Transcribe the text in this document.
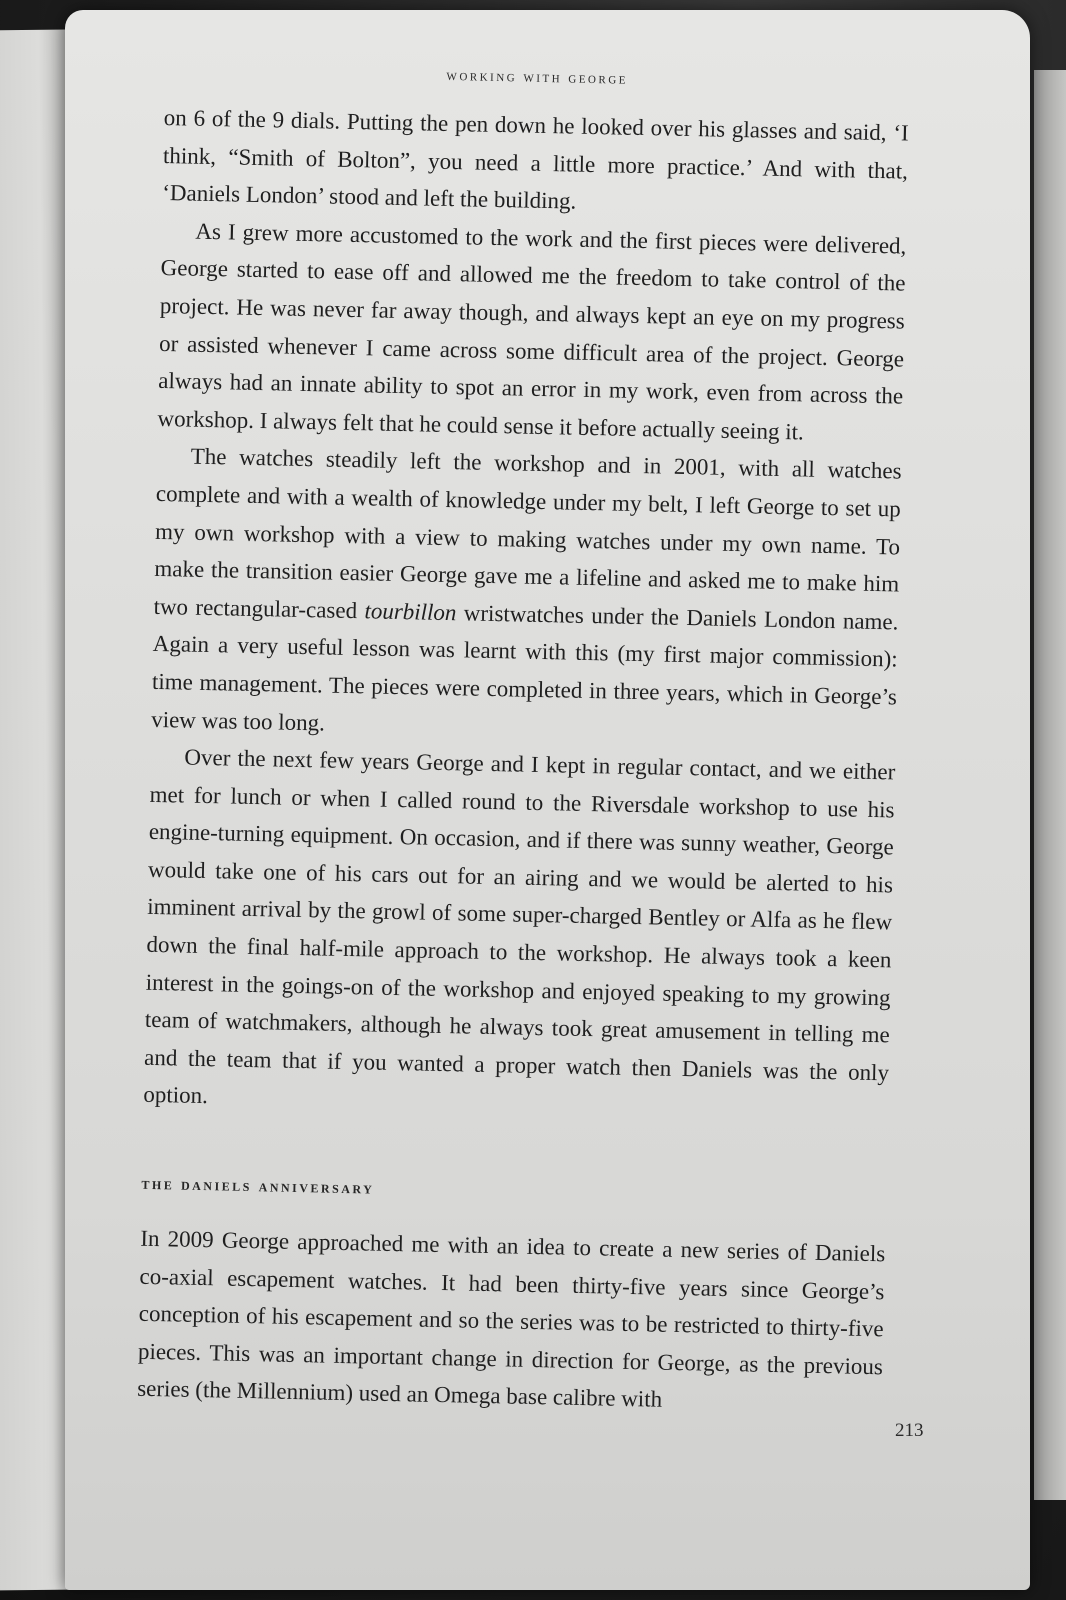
working with george

on 6 of the 9 dials. Putting the pen down he looked over his glasses and said, ‘I think, “Smith of Bolton”, you need a little more practice.’ And with that, ‘Daniels London’ stood and left the building.

As I grew more accustomed to the work and the first pieces were delivered, George started to ease off and allowed me the freedom to take control of the project. He was never far away though, and always kept an eye on my progress or assisted whenever I came across some difficult area of the project. George always had an innate ability to spot an error in my work, even from across the workshop. I always felt that he could sense it before actually seeing it.

The watches steadily left the workshop and in 2001, with all watches complete and with a wealth of knowledge under my belt, I left George to set up my own workshop with a view to making watches under my own name. To make the transition easier George gave me a lifeline and asked me to make him two rectangular-cased tourbillon wristwatches under the Daniels London name. Again a very useful lesson was learnt with this (my first major commission): time management. The pieces were completed in three years, which in George’s view was too long.

Over the next few years George and I kept in regular contact, and we either met for lunch or when I called round to the Riversdale workshop to use his engine-turning equipment. On occasion, and if there was sunny weather, George would take one of his cars out for an airing and we would be alerted to his imminent arrival by the growl of some super-charged Bentley or Alfa as he flew down the final half-mile approach to the workshop. He always took a keen interest in the goings-on of the workshop and enjoyed speaking to my growing team of watchmakers, although he always took great amusement in telling me and the team that if you wanted a proper watch then Daniels was the only option.

the daniels anniversary

In 2009 George approached me with an idea to create a new series of Daniels co-axial escapement watches. It had been thirty-five years since George’s conception of his escapement and so the series was to be restricted to thirty-five pieces. This was an important change in direction for George, as the previous series (the Millennium) used an Omega base calibre with

213
